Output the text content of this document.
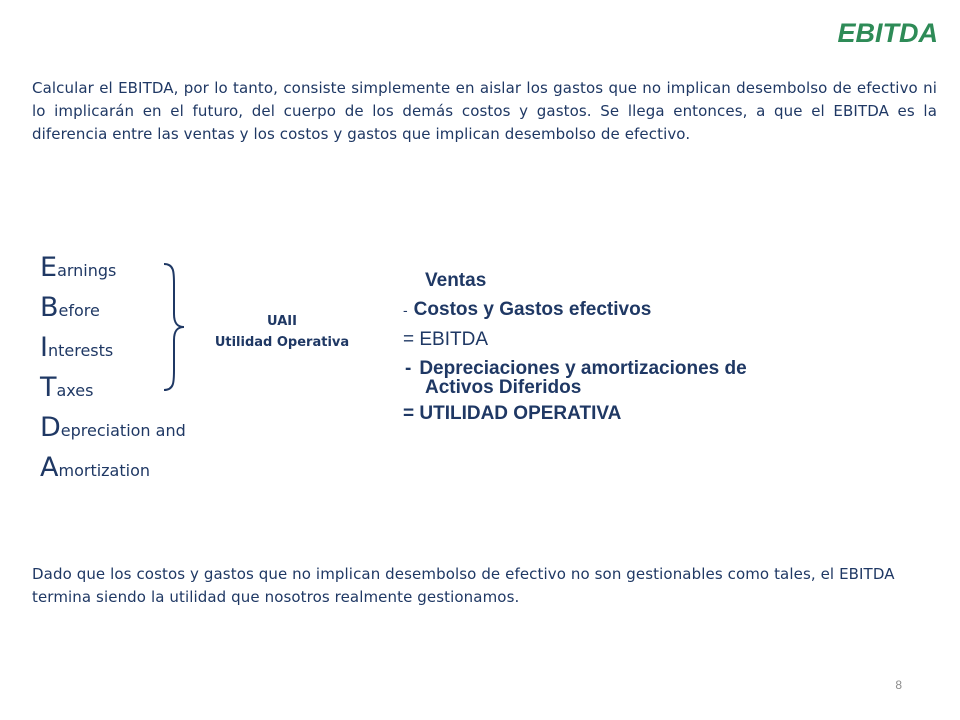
EBITDA
Calcular el EBITDA, por lo tanto, consiste simplemente en aislar los gastos que no implican desembolso de efectivo ni lo implicarán en el futuro, del cuerpo de los demás costos y gastos. Se llega entonces, a que el EBITDA es la diferencia entre las ventas y los costos y gastos que implican desembolso de efectivo.
Earnings
Before
Interests
Taxes
Depreciation and
Amortization
UAII
Utilidad Operativa
Ventas
- Costos y Gastos efectivos
= EBITDA
- Depreciaciones y amortizaciones de
Activos Diferidos
= UTILIDAD OPERATIVA
Dado que los costos y gastos que no implican desembolso de efectivo no son gestionables como tales, el EBITDA termina siendo la utilidad que nosotros realmente gestionamos.
8
